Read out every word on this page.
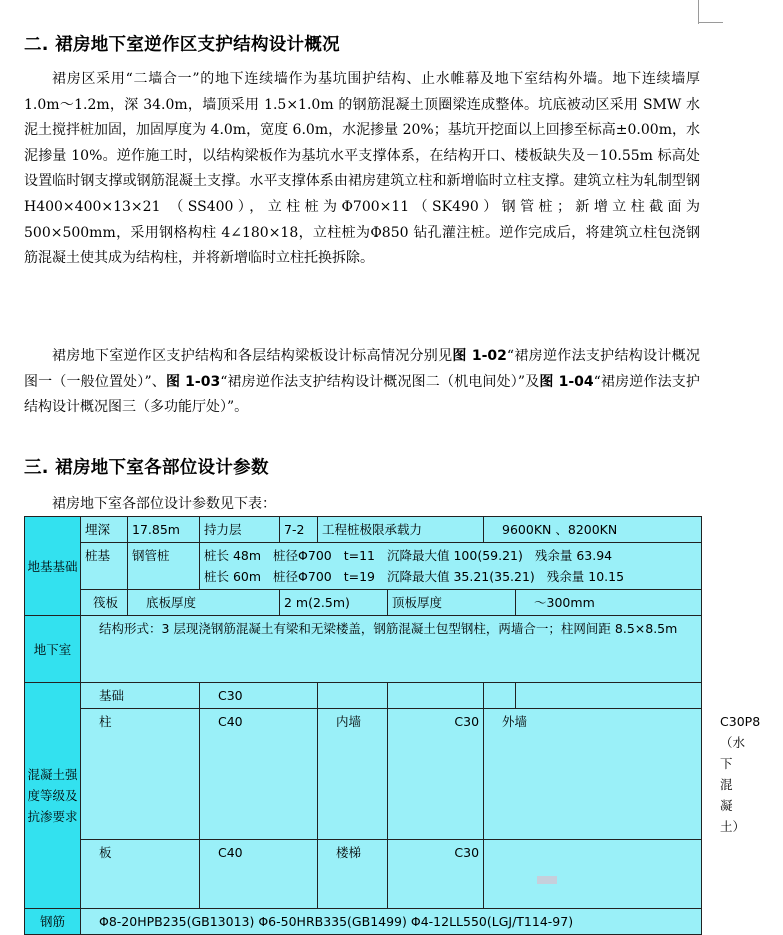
二. 裙房地下室逆作区支护结构设计概况

裙房区采用“二墙合一”的地下连续墙作为基坑围护结构、止水帷幕及地下室结构外墙。地下连续墙厚 1.0m～1.2m，深 34.0m，墙顶采用 1.5×1.0m 的钢筋混凝土顶圈梁连成整体。坑底被动区采用 SMW 水泥土搅拌桩加固，加固厚度为 4.0m，宽度 6.0m，水泥掺量 20%；基坑开挖面以上回掺至标高±0.00m，水泥掺量 10%。逆作施工时，以结构梁板作为基坑水平支撑体系，在结构开口、楼板缺失及－10.55m 标高处设置临时钢支撑或钢筋混凝土支撑。水平支撑体系由裙房建筑立柱和新增临时立柱支撑。建筑立柱为轧制型钢 H400×400×13×21 （SS400），立柱桩为Φ700×11（SK490）钢管桩；新增立柱截面为 500×500mm，采用钢格构柱 4∠180×18，立柱桩为Φ850 钻孔灌注桩。逆作完成后，将建筑立柱包浇钢筋混凝土使其成为结构柱，并将新增临时立柱托换拆除。

裙房地下室逆作区支护结构和各层结构梁板设计标高情况分别见图 1-02“裙房逆作法支护结构设计概况图一（一般位置处）”、图 1-03“裙房逆作法支护结构设计概况图二（机电间处）”及图 1-04“裙房逆作法支护结构设计概况图三（多功能厅处）”。

三. 裙房地下室各部位设计参数

裙房地下室各部位设计参数见下表：

地基基础	埋深	17.85m	持力层	7-2	工程桩极限承载力		9600KN 、8200KN		
	桩基	钢管桩	桩长 48m 桩径Φ700 t=11 沉降最大值 100(59.21) 残余量 63.94
桩长 60m 桩径Φ700 t=19 沉降最大值 35.21(35.21) 残余量 10.15						

	筏板	底板厚度		2 m(2.5m)		顶板厚度		～300mm	
地下室	结构形式：3 层现浇钢筋混凝土有梁和无梁楼盖，钢筋混凝土包型钢柱，两墙合一；柱网间距 8.5×8.5m								
混凝土强度等级及抗渗要求	基础		C30						
	柱		C40		内墙	C30	外墙		C30P8（水下混凝土）
	板		C40		楼梯	C30			
钢筋	Φ8-20HPB235(GB13013) Φ6-50HRB335(GB1499) Φ4-12LL550(LGJ/T114-97)								
